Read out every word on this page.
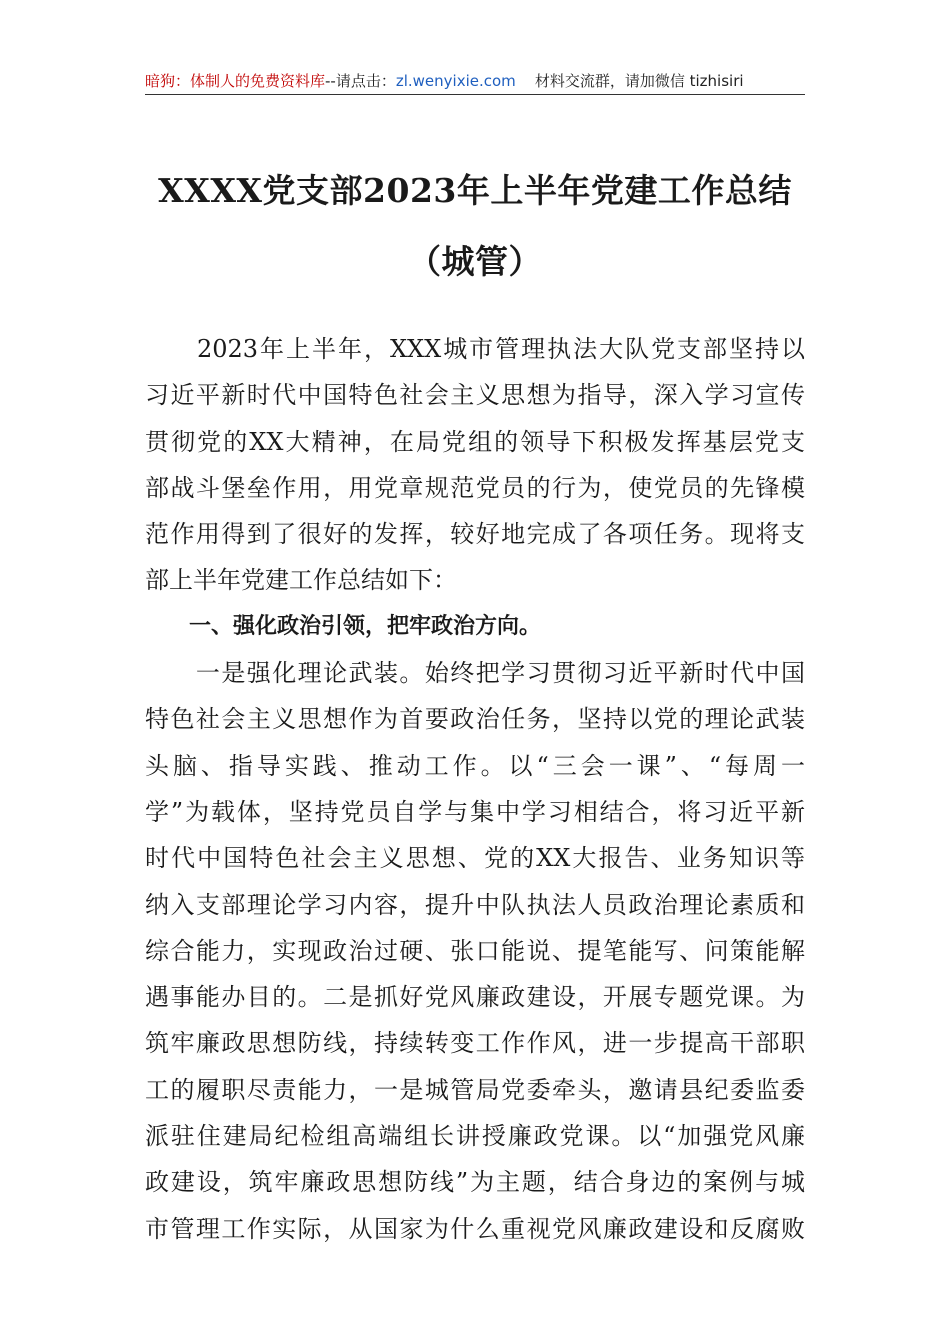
暗狗：体制人的免费资料库--请点击：zl.wenyixie.com 材料交流群，请加微信 tizhisiri
XXXX党支部2023年上半年党建工作总结
（城管）
　　2023年上半年，XXX城市管理执法大队党支部坚持以
习近平新时代中国特色社会主义思想为指导，深入学习宣传
贯彻党的XX大精神，在局党组的领导下积极发挥基层党支
部战斗堡垒作用，用党章规范党员的行为，使党员的先锋模
范作用得到了很好的发挥，较好地完成了各项任务。现将支
部上半年党建工作总结如下：
　　一、强化政治引领，把牢政治方向。
　　一是强化理论武装。始终把学习贯彻习近平新时代中国
特色社会主义思想作为首要政治任务，坚持以党的理论武装
头脑、指导实践、推动工作。以“三会一课”、“每周一
学”为载体，坚持党员自学与集中学习相结合，将习近平新
时代中国特色社会主义思想、党的XX大报告、业务知识等
纳入支部理论学习内容，提升中队执法人员政治理论素质和
综合能力，实现政治过硬、张口能说、提笔能写、问策能解
遇事能办目的。二是抓好党风廉政建设，开展专题党课。为
筑牢廉政思想防线，持续转变工作作风，进一步提高干部职
工的履职尽责能力，一是城管局党委牵头，邀请县纪委监委
派驻住建局纪检组高端组长讲授廉政党课。以“加强党风廉
政建设，筑牢廉政思想防线”为主题，结合身边的案例与城
市管理工作实际，从国家为什么重视党风廉政建设和反腐败
